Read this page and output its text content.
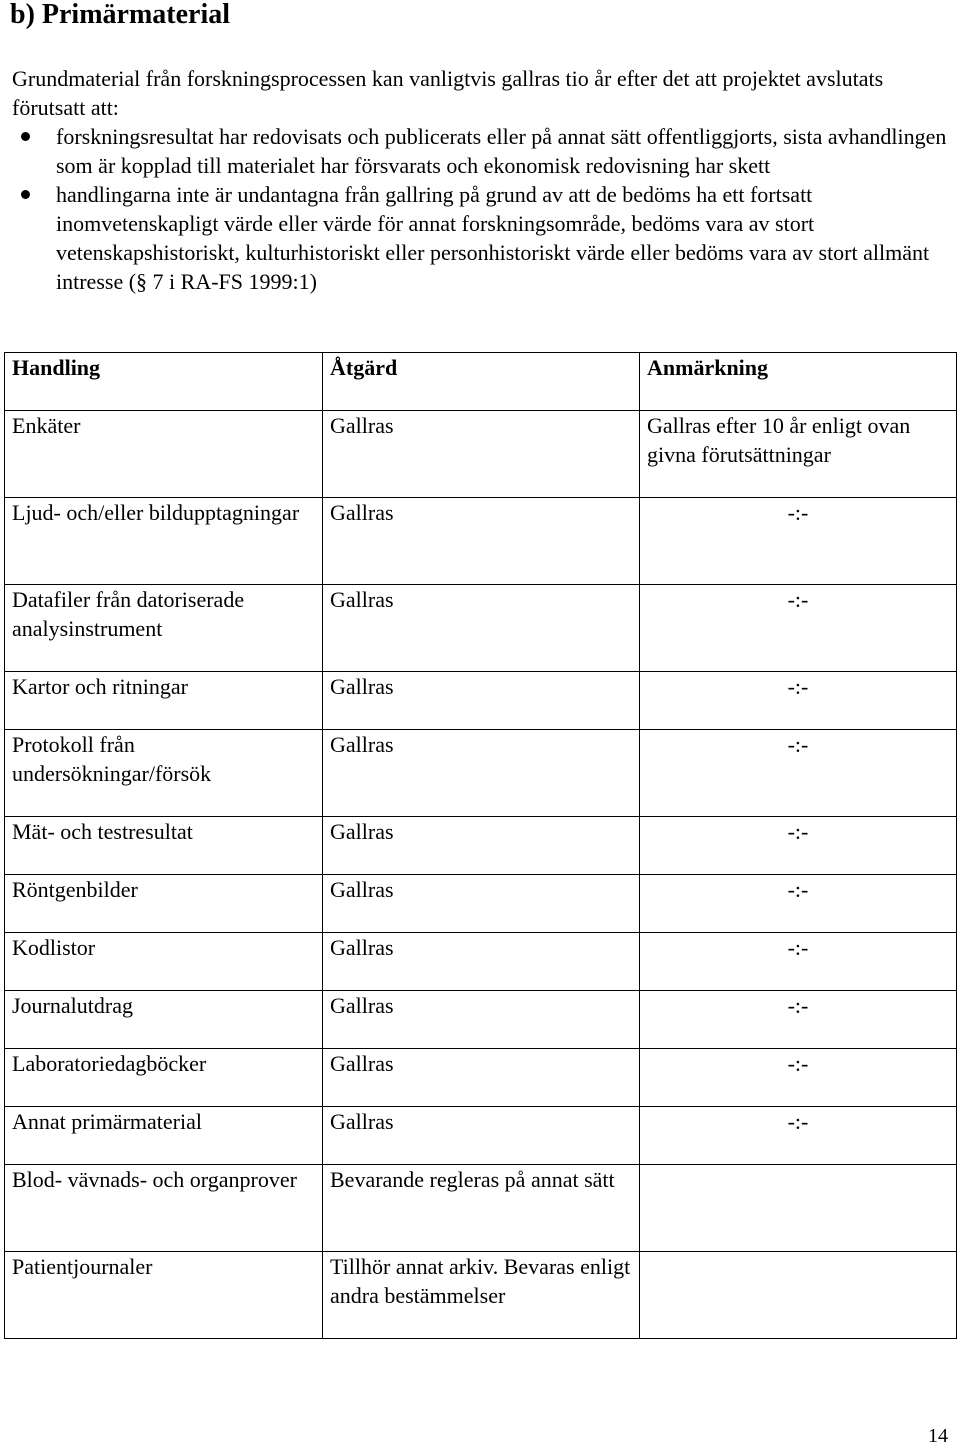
b) Primärmaterial

Grundmaterial från forskningsprocessen kan vanligtvis gallras tio år efter det att projektet avslutats förutsatt att:

forskningsresultat har redovisats och publicerats eller på annat sätt offentliggjorts, sista avhandlingen som är kopplad till materialet har försvarats och ekonomisk redovisning har skett
handlingarna inte är undantagna från gallring på grund av att de bedöms ha ett fortsatt inomvetenskapligt värde eller värde för annat forskningsområde, bedöms vara av stort vetenskapshistoriskt, kulturhistoriskt eller personhistoriskt värde eller bedöms vara av stort allmänt intresse (§ 7 i RA-FS 1999:1)
Handling	Åtgärd	Anmärkning
Enkäter	Gallras	Gallras efter 10 år enligt ovan givna förutsättningar
Ljud- och/eller bildupptagningar	Gallras	-:-

Datafiler från datoriserade analysinstrument	Gallras	-:-

Kartor och ritningar	Gallras	-:-

Protokoll från undersökningar/försök	Gallras	-:-

Mät- och testresultat	Gallras	-:-

Röntgenbilder	Gallras	-:-

Kodlistor	Gallras	-:-

Journalutdrag	Gallras	-:-

Laboratoriedagböcker	Gallras	-:-

Annat primärmaterial	Gallras	-:-

Blod- vävnads- och organprover	Bevarande regleras på annat sätt	
Patientjournaler	Tillhör annat arkiv. Bevaras enligt andra bestämmelser	
14
